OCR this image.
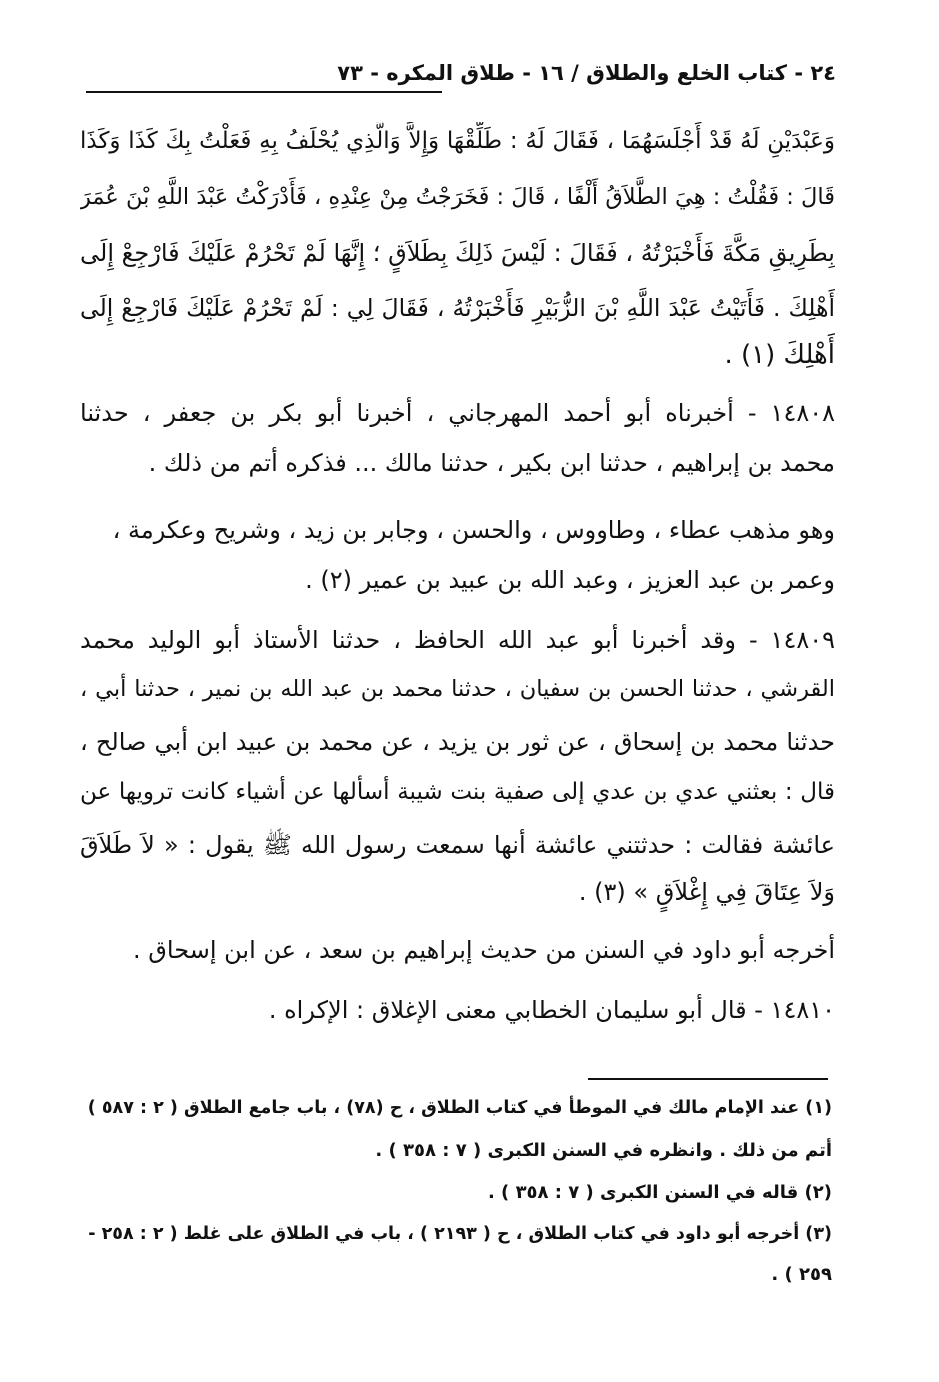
٢٤ - كتاب الخلع والطلاق / ١٦ - طلاق المكره - ٧٣
وَعَبْدَيْنِ لَهُ قَدْ أَجْلَسَهُمَا ، فَقَالَ لَهُ : طَلِّقْهَا وَإِلاَّ وَالَّذِي يُحْلَفُ بِهِ فَعَلْتُ بِكَ كَذَا وَكَذَا
قَالَ : فَقُلْتُ : هِيَ الطَّلاَقُ أَلْفًا ، قَالَ : فَخَرَجْتُ مِنْ عِنْدِهِ ، فَأَدْرَكْتُ عَبْدَ اللَّهِ بْنَ عُمَرَ
بِطَرِيقِ مَكَّةَ فَأَخْبَرْتُهُ ، فَقَالَ : لَيْسَ ذَلِكَ بِطَلاَقٍ ؛ إِنَّهَا لَمْ تَحْرُمْ عَلَيْكَ فَارْجِعْ إِلَى
أَهْلِكَ . فَأَتَيْتُ عَبْدَ اللَّهِ بْنَ الزُّبَيْرِ فَأَخْبَرْتُهُ ، فَقَالَ لِي : لَمْ تَحْرُمْ عَلَيْكَ فَارْجِعْ إِلَى
أَهْلِكَ (١) .
١٤٨٠٨ - أخبرناه أبو أحمد المهرجاني ، أخبرنا أبو بكر بن جعفر ، حدثنا
محمد بن إبراهيم ، حدثنا ابن بكير ، حدثنا مالك ... فذكره أتم من ذلك .
وهو مذهب عطاء ، وطاووس ، والحسن ، وجابر بن زيد ، وشريح وعكرمة ،
وعمر بن عبد العزيز ، وعبد الله بن عبيد بن عمير (٢) .
١٤٨٠٩ - وقد أخبرنا أبو عبد الله الحافظ ، حدثنا الأستاذ أبو الوليد محمد
القرشي ، حدثنا الحسن بن سفيان ، حدثنا محمد بن عبد الله بن نمير ، حدثنا أبي ،
حدثنا محمد بن إسحاق ، عن ثور بن يزيد ، عن محمد بن عبيد ابن أبي صالح ،
قال : بعثني عدي بن عدي إلى صفية بنت شيبة أسألها عن أشياء كانت ترويها عن
عائشة فقالت : حدثتني عائشة أنها سمعت رسول الله ﷺ يقول : « لاَ طَلاَقَ
وَلاَ عِتَاقَ فِي إِغْلاَقٍ » (٣) .
أخرجه أبو داود في السنن من حديث إبراهيم بن سعد ، عن ابن إسحاق .
١٤٨١٠ - قال أبو سليمان الخطابي معنى الإغلاق : الإكراه .
(١) عند الإمام مالك في الموطأ في كتاب الطلاق ، ح (٧٨) ، باب جامع الطلاق ( ٢ : ٥٨٧ )
أتم من ذلك . وانظره في السنن الكبرى ( ٧ : ٣٥٨ ) .
(٢) قاله في السنن الكبرى ( ٧ : ٣٥٨ ) .
(٣) أخرجه أبو داود في كتاب الطلاق ، ح ( ٢١٩٣ ) ، باب في الطلاق على غلط ( ٢ : ٢٥٨ -
٢٥٩ ) .
